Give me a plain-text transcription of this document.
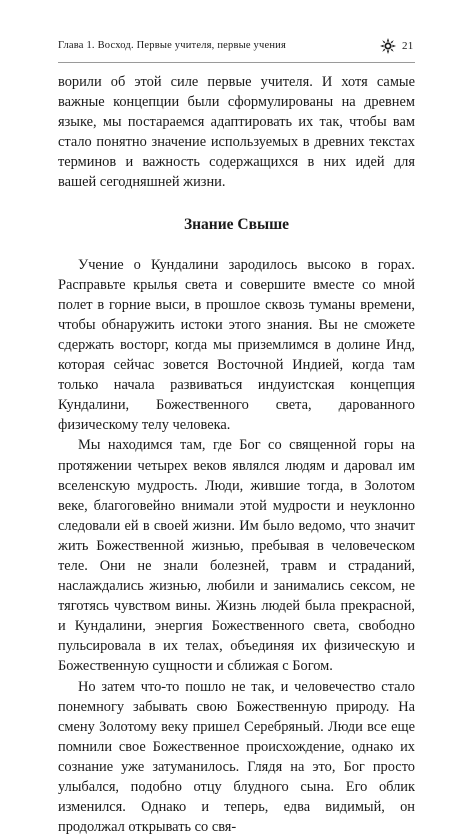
Глава 1. Восход. Первые учителя, первые учения	21

ворили об этой силе первые учителя. И хотя самые важные концепции были сформулированы на древнем языке, мы постараемся адаптировать их так, чтобы вам стало понятно значение используемых в древних текстах терминов и важность содержащихся в них идей для вашей сегодняшней жизни.

Знание Свыше

Учение о Кундалини зародилось высоко в горах. Расправьте крылья света и совершите вместе со мной полет в горние выси, в прошлое сквозь туманы времени, чтобы обнаружить истоки этого знания. Вы не сможете сдержать восторг, когда мы приземлимся в долине Инд, которая сейчас зовется Восточной Индией, когда там только начала развиваться индуистская концепция Кундалини, Божественного света, дарованного физическому телу человека.

Мы находимся там, где Бог со священной горы на протяжении четырех веков являлся людям и даровал им вселенскую мудрость. Люди, жившие тогда, в Золотом веке, благоговейно внимали этой мудрости и неуклонно следовали ей в своей жизни. Им было ведомо, что значит жить Божественной жизнью, пребывая в человеческом теле. Они не знали болезней, травм и страданий, наслаждались жизнью, любили и занимались сексом, не тяготясь чувством вины. Жизнь людей была прекрасной, и Кундалини, энергия Божественного света, свободно пульсировала в их телах, объединяя их физическую и Божественную сущности и сближая с Богом.

Но затем что-то пошло не так, и человечество стало понемногу забывать свою Божественную природу. На смену Золотому веку пришел Серебряный. Люди все еще помнили свое Божественное происхождение, однако их сознание уже затуманилось. Глядя на это, Бог просто улыбался, подобно отцу блудного сына. Его облик изменился. Однако и теперь, едва видимый, он продолжал открывать со свя-
